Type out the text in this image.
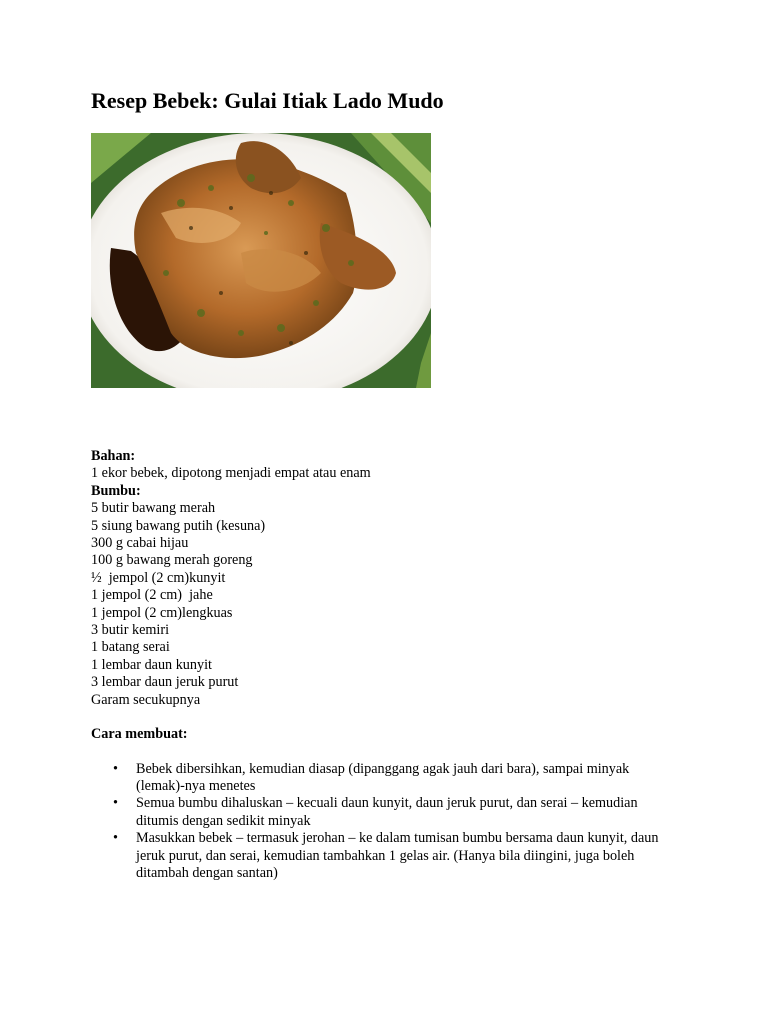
Resep Bebek: Gulai Itiak Lado Mudo

Bahan:

1 ekor bebek, dipotong menjadi empat atau enam

Bumbu:

5 butir bawang merah

5 siung bawang putih (kesuna)

300 g cabai hijau

100 g bawang merah goreng

½  jempol (2 cm)kunyit

1 jempol (2 cm)  jahe

1 jempol (2 cm)lengkuas

3 butir kemiri

1 batang serai

1 lembar daun kunyit

3 lembar daun jeruk purut

Garam secukupnya

Cara membuat:

• Bebek dibersihkan, kemudian diasap (dipanggang agak jauh dari bara), sampai minyak (lemak)-nya menetes
• Semua bumbu dihaluskan – kecuali daun kunyit, daun jeruk purut, dan serai – kemudian ditumis dengan sedikit minyak
• Masukkan bebek – termasuk jerohan – ke dalam tumisan bumbu bersama daun kunyit, daun jeruk purut, dan serai, kemudian tambahkan 1 gelas air. (Hanya bila diingini, juga boleh ditambah dengan santan)
